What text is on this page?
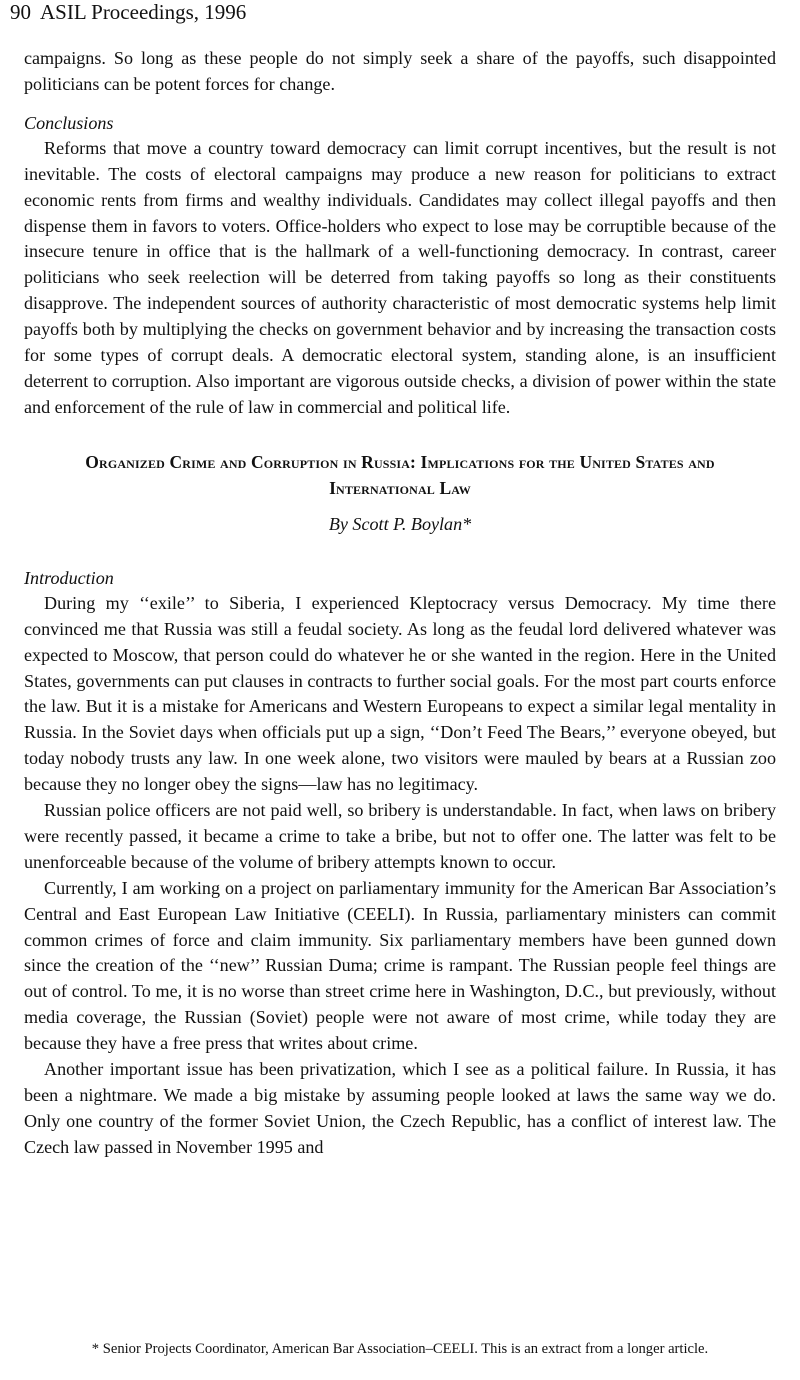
90 ASIL Proceedings, 1996

campaigns. So long as these people do not simply seek a share of the payoffs, such disappointed politicians can be potent forces for change.

Conclusions

Reforms that move a country toward democracy can limit corrupt incentives, but the result is not inevitable. The costs of electoral campaigns may produce a new reason for politicians to extract economic rents from firms and wealthy individuals. Candidates may collect illegal payoffs and then dispense them in favors to voters. Office-holders who expect to lose may be corruptible because of the insecure tenure in office that is the hallmark of a well-functioning democracy. In contrast, career politicians who seek reelection will be deterred from taking payoffs so long as their constituents disapprove. The independent sources of authority characteristic of most democratic systems help limit payoffs both by multiplying the checks on government behavior and by increasing the transaction costs for some types of corrupt deals. A democratic electoral system, standing alone, is an insufficient deterrent to corruption. Also important are vigorous outside checks, a division of power within the state and enforcement of the rule of law in commercial and political life.

Organized Crime and Corruption in Russia: Implications for the United States and International Law
By Scott P. Boylan*
Introduction

During my ‘‘exile’’ to Siberia, I experienced Kleptocracy versus Democracy. My time there convinced me that Russia was still a feudal society. As long as the feudal lord delivered whatever was expected to Moscow, that person could do whatever he or she wanted in the region. Here in the United States, governments can put clauses in contracts to further social goals. For the most part courts enforce the law. But it is a mistake for Americans and Western Europeans to expect a similar legal mentality in Russia. In the Soviet days when officials put up a sign, ‘‘Don’t Feed The Bears,’’ everyone obeyed, but today nobody trusts any law. In one week alone, two visitors were mauled by bears at a Russian zoo because they no longer obey the signs—law has no legitimacy.

Russian police officers are not paid well, so bribery is understandable. In fact, when laws on bribery were recently passed, it became a crime to take a bribe, but not to offer one. The latter was felt to be unenforceable because of the volume of bribery attempts known to occur.

Currently, I am working on a project on parliamentary immunity for the American Bar Association’s Central and East European Law Initiative (CEELI). In Russia, parliamentary ministers can commit common crimes of force and claim immunity. Six parliamentary members have been gunned down since the creation of the ‘‘new’’ Russian Duma; crime is rampant. The Russian people feel things are out of control. To me, it is no worse than street crime here in Washington, D.C., but previously, without media coverage, the Russian (Soviet) people were not aware of most crime, while today they are because they have a free press that writes about crime.

Another important issue has been privatization, which I see as a political failure. In Russia, it has been a nightmare. We made a big mistake by assuming people looked at laws the same way we do. Only one country of the former Soviet Union, the Czech Republic, has a conflict of interest law. The Czech law passed in November 1995 and

* Senior Projects Coordinator, American Bar Association–CEELI. This is an extract from a longer article.
